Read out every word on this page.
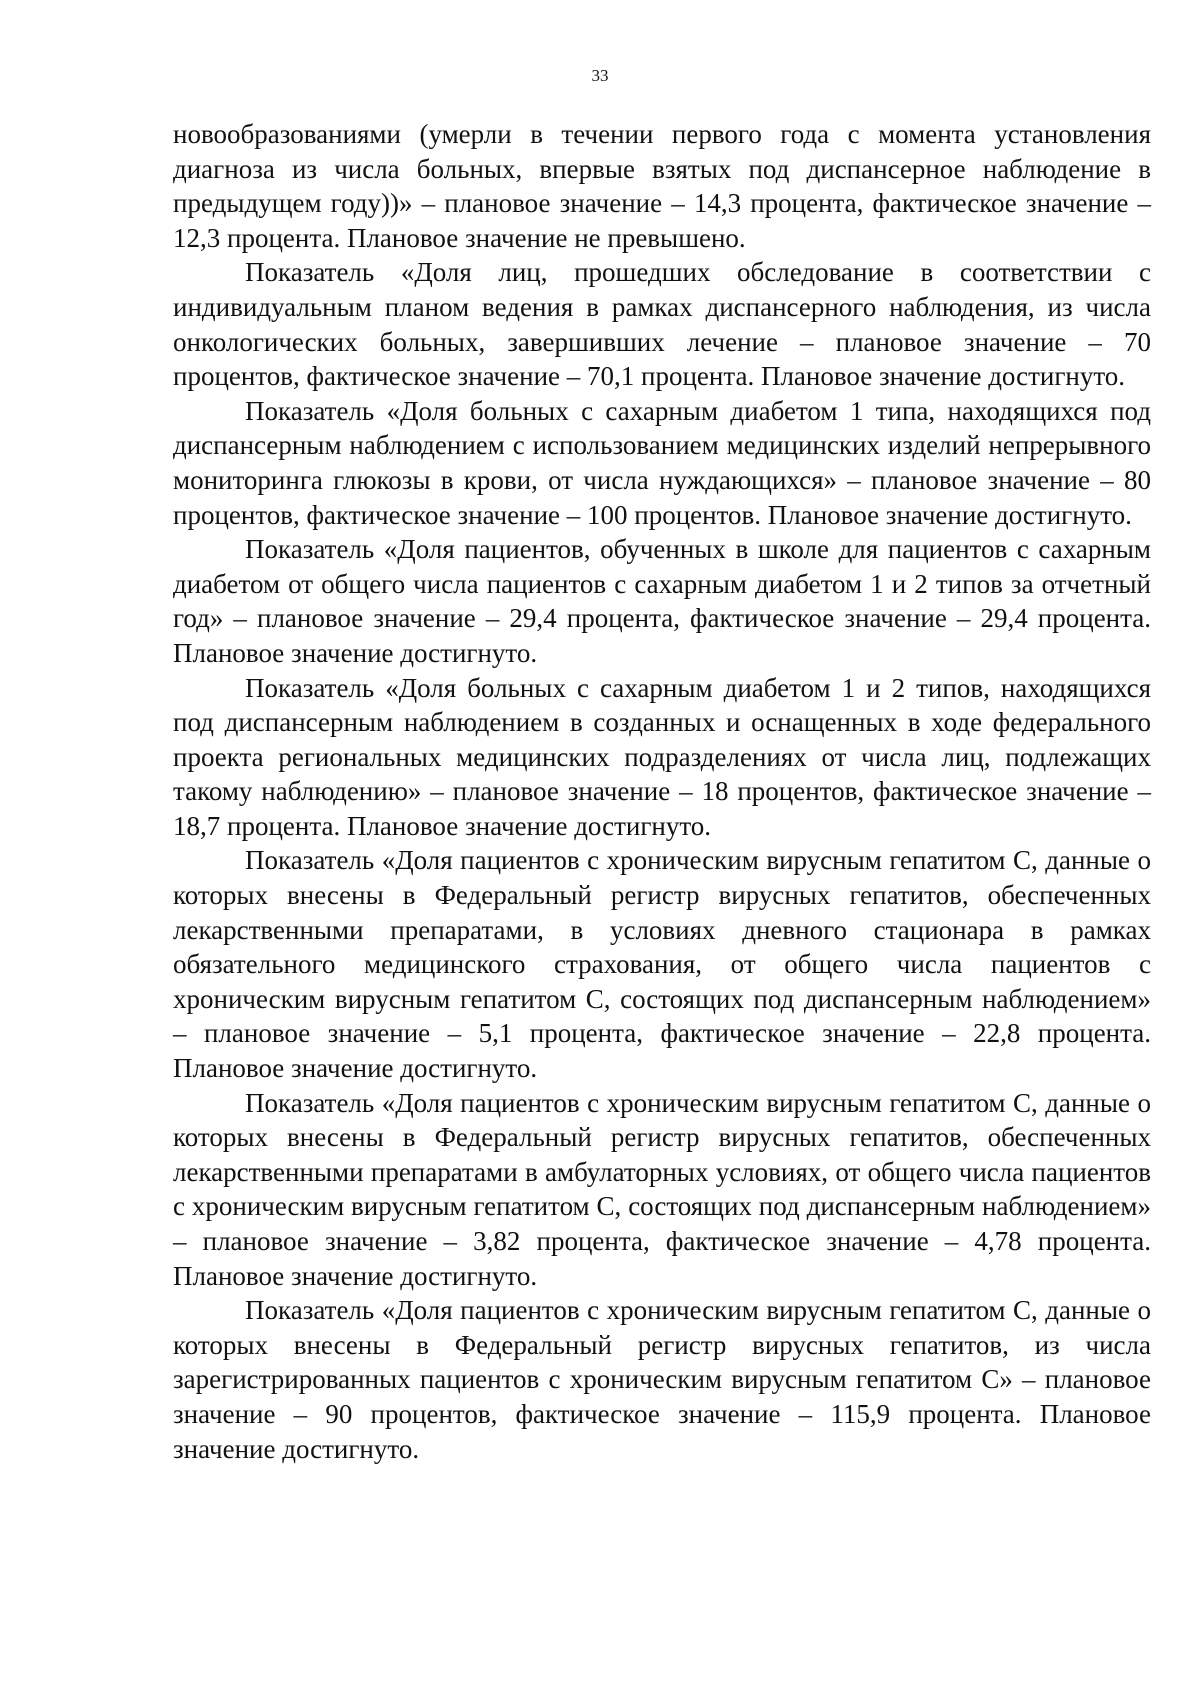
33

новообразованиями (умерли в течении первого года с момента установления диагноза из числа больных, впервые взятых под диспансерное наблюдение в предыдущем году))» – плановое значение – 14,3 процента, фактическое значение – 12,3 процента. Плановое значение не превышено.

Показатель «Доля лиц, прошедших обследование в соответствии с индивидуальным планом ведения в рамках диспансерного наблюдения, из числа онкологических больных, завершивших лечение – плановое значение – 70 процентов, фактическое значение – 70,1 процента. Плановое значение достигнуто.

Показатель «Доля больных с сахарным диабетом 1 типа, находящихся под диспансерным наблюдением с использованием медицинских изделий непрерывного мониторинга глюкозы в крови, от числа нуждающихся» – плановое значение – 80 процентов, фактическое значение – 100 процентов. Плановое значение достигнуто.

Показатель «Доля пациентов, обученных в школе для пациентов с сахарным диабетом от общего числа пациентов с сахарным диабетом 1 и 2 типов за отчетный год» – плановое значение – 29,4 процента, фактическое значение – 29,4 процента. Плановое значение достигнуто.

Показатель «Доля больных с сахарным диабетом 1 и 2 типов, находящихся под диспансерным наблюдением в созданных и оснащенных в ходе федерального проекта региональных медицинских подразделениях от числа лиц, подлежащих такому наблюдению» – плановое значение – 18 процентов, фактическое значение – 18,7 процента. Плановое значение достигнуто.

Показатель «Доля пациентов с хроническим вирусным гепатитом С, данные о которых внесены в Федеральный регистр вирусных гепатитов, обеспеченных лекарственными препаратами, в условиях дневного стационара в рамках обязательного медицинского страхования, от общего числа пациентов с хроническим вирусным гепатитом С, состоящих под диспансерным наблюдением» – плановое значение – 5,1 процента, фактическое значение – 22,8 процента. Плановое значение достигнуто.

Показатель «Доля пациентов с хроническим вирусным гепатитом С, данные о которых внесены в Федеральный регистр вирусных гепатитов, обеспеченных лекарственными препаратами в амбулаторных условиях, от общего числа пациентов с хроническим вирусным гепатитом С, состоящих под диспансерным наблюдением» – плановое значение – 3,82 процента, фактическое значение – 4,78 процента. Плановое значение достигнуто.

Показатель «Доля пациентов с хроническим вирусным гепатитом С, данные о которых внесены в Федеральный регистр вирусных гепатитов, из числа зарегистрированных пациентов с хроническим вирусным гепатитом С» – плановое значение – 90 процентов, фактическое значение – 115,9 процента. Плановое значение достигнуто.
